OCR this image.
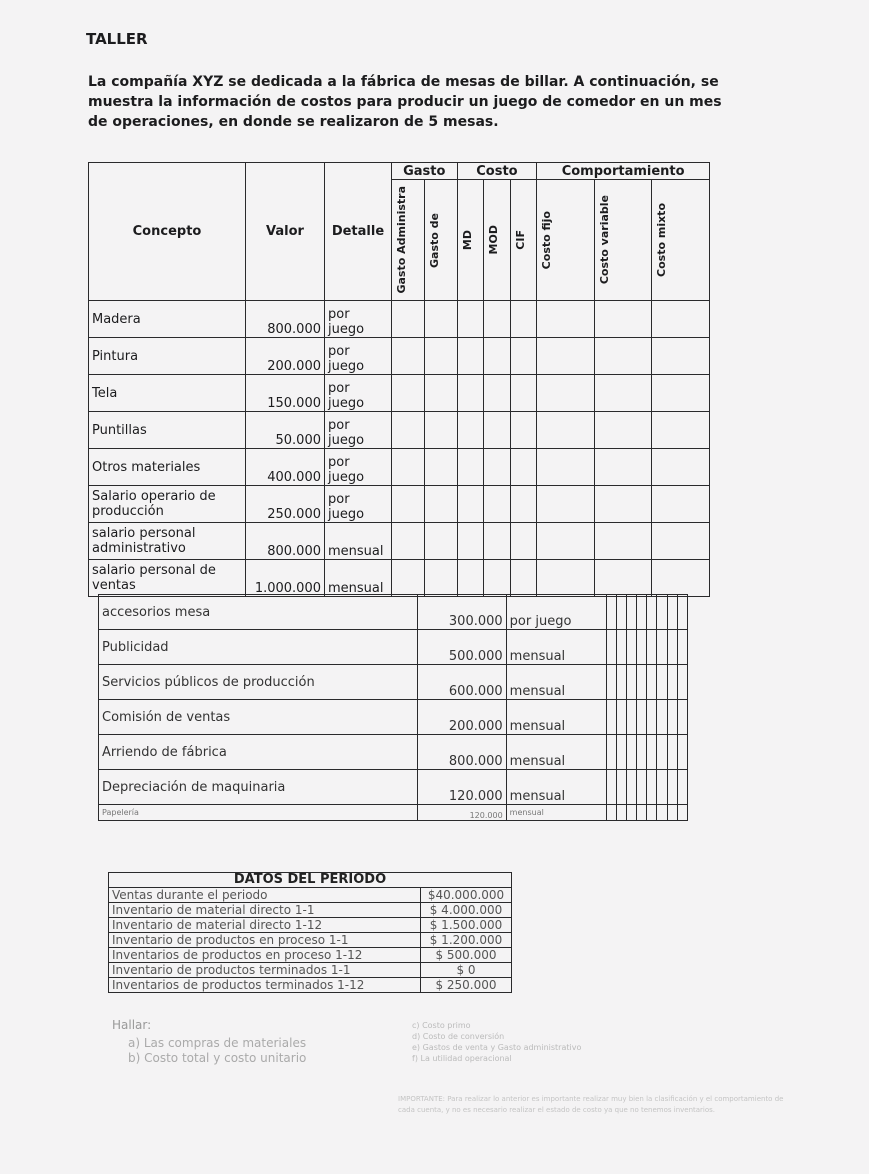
TALLER
La compañía XYZ se dedicada a la fábrica de mesas de billar. A continuación, se muestra la información de costos para producir un juego de comedor en un mes de operaciones, en donde se realizaron de 5 mesas.
Concepto	Valor	Detalle	Gasto		Costo			Comportamiento		

			Gasto Administra	Gasto de	MD	MOD	CIF	Costo fijo	Costo variable	Costo mixto

Madera	800.000	por juego								
Pintura	200.000	por juego								
Tela	150.000	por juego								
Puntillas	50.000	por juego								
Otros materiales	400.000	por juego								
Salario operario de producción	250.000	por juego								
salario personal administrativo	800.000	mensual								
salario personal de ventas	1.000.000	mensual								
accesorios mesa	300.000	por juego								
Publicidad	500.000	mensual								
Servicios públicos de producción	600.000	mensual								
Comisión de ventas	200.000	mensual								
Arriendo de fábrica	800.000	mensual								
Depreciación de maquinaria	120.000	mensual								
Papelería	120.000	mensual								
DATOS DEL PERIODO	
Ventas durante el periodo	$40.000.000
Inventario de material directo 1-1	$ 4.000.000
Inventario de material directo 1-12	$ 1.500.000
Inventario de productos en proceso 1-1	$ 1.200.000
Inventarios de productos en proceso 1-12	$ 500.000
Inventario de productos terminados 1-1	$ 0
Inventarios de productos terminados 1-12	$ 250.000
Hallar:
a) Las compras de materiales
b) Costo total y costo unitario
c) Costo primo
d) Costo de conversión
e) Gastos de venta y Gasto administrativo
f) La utilidad operacional
IMPORTANTE: Para realizar lo anterior es importante realizar muy bien la clasificación y el comportamiento de cada cuenta, y no es necesario realizar el estado de costo ya que no tenemos inventarios.
